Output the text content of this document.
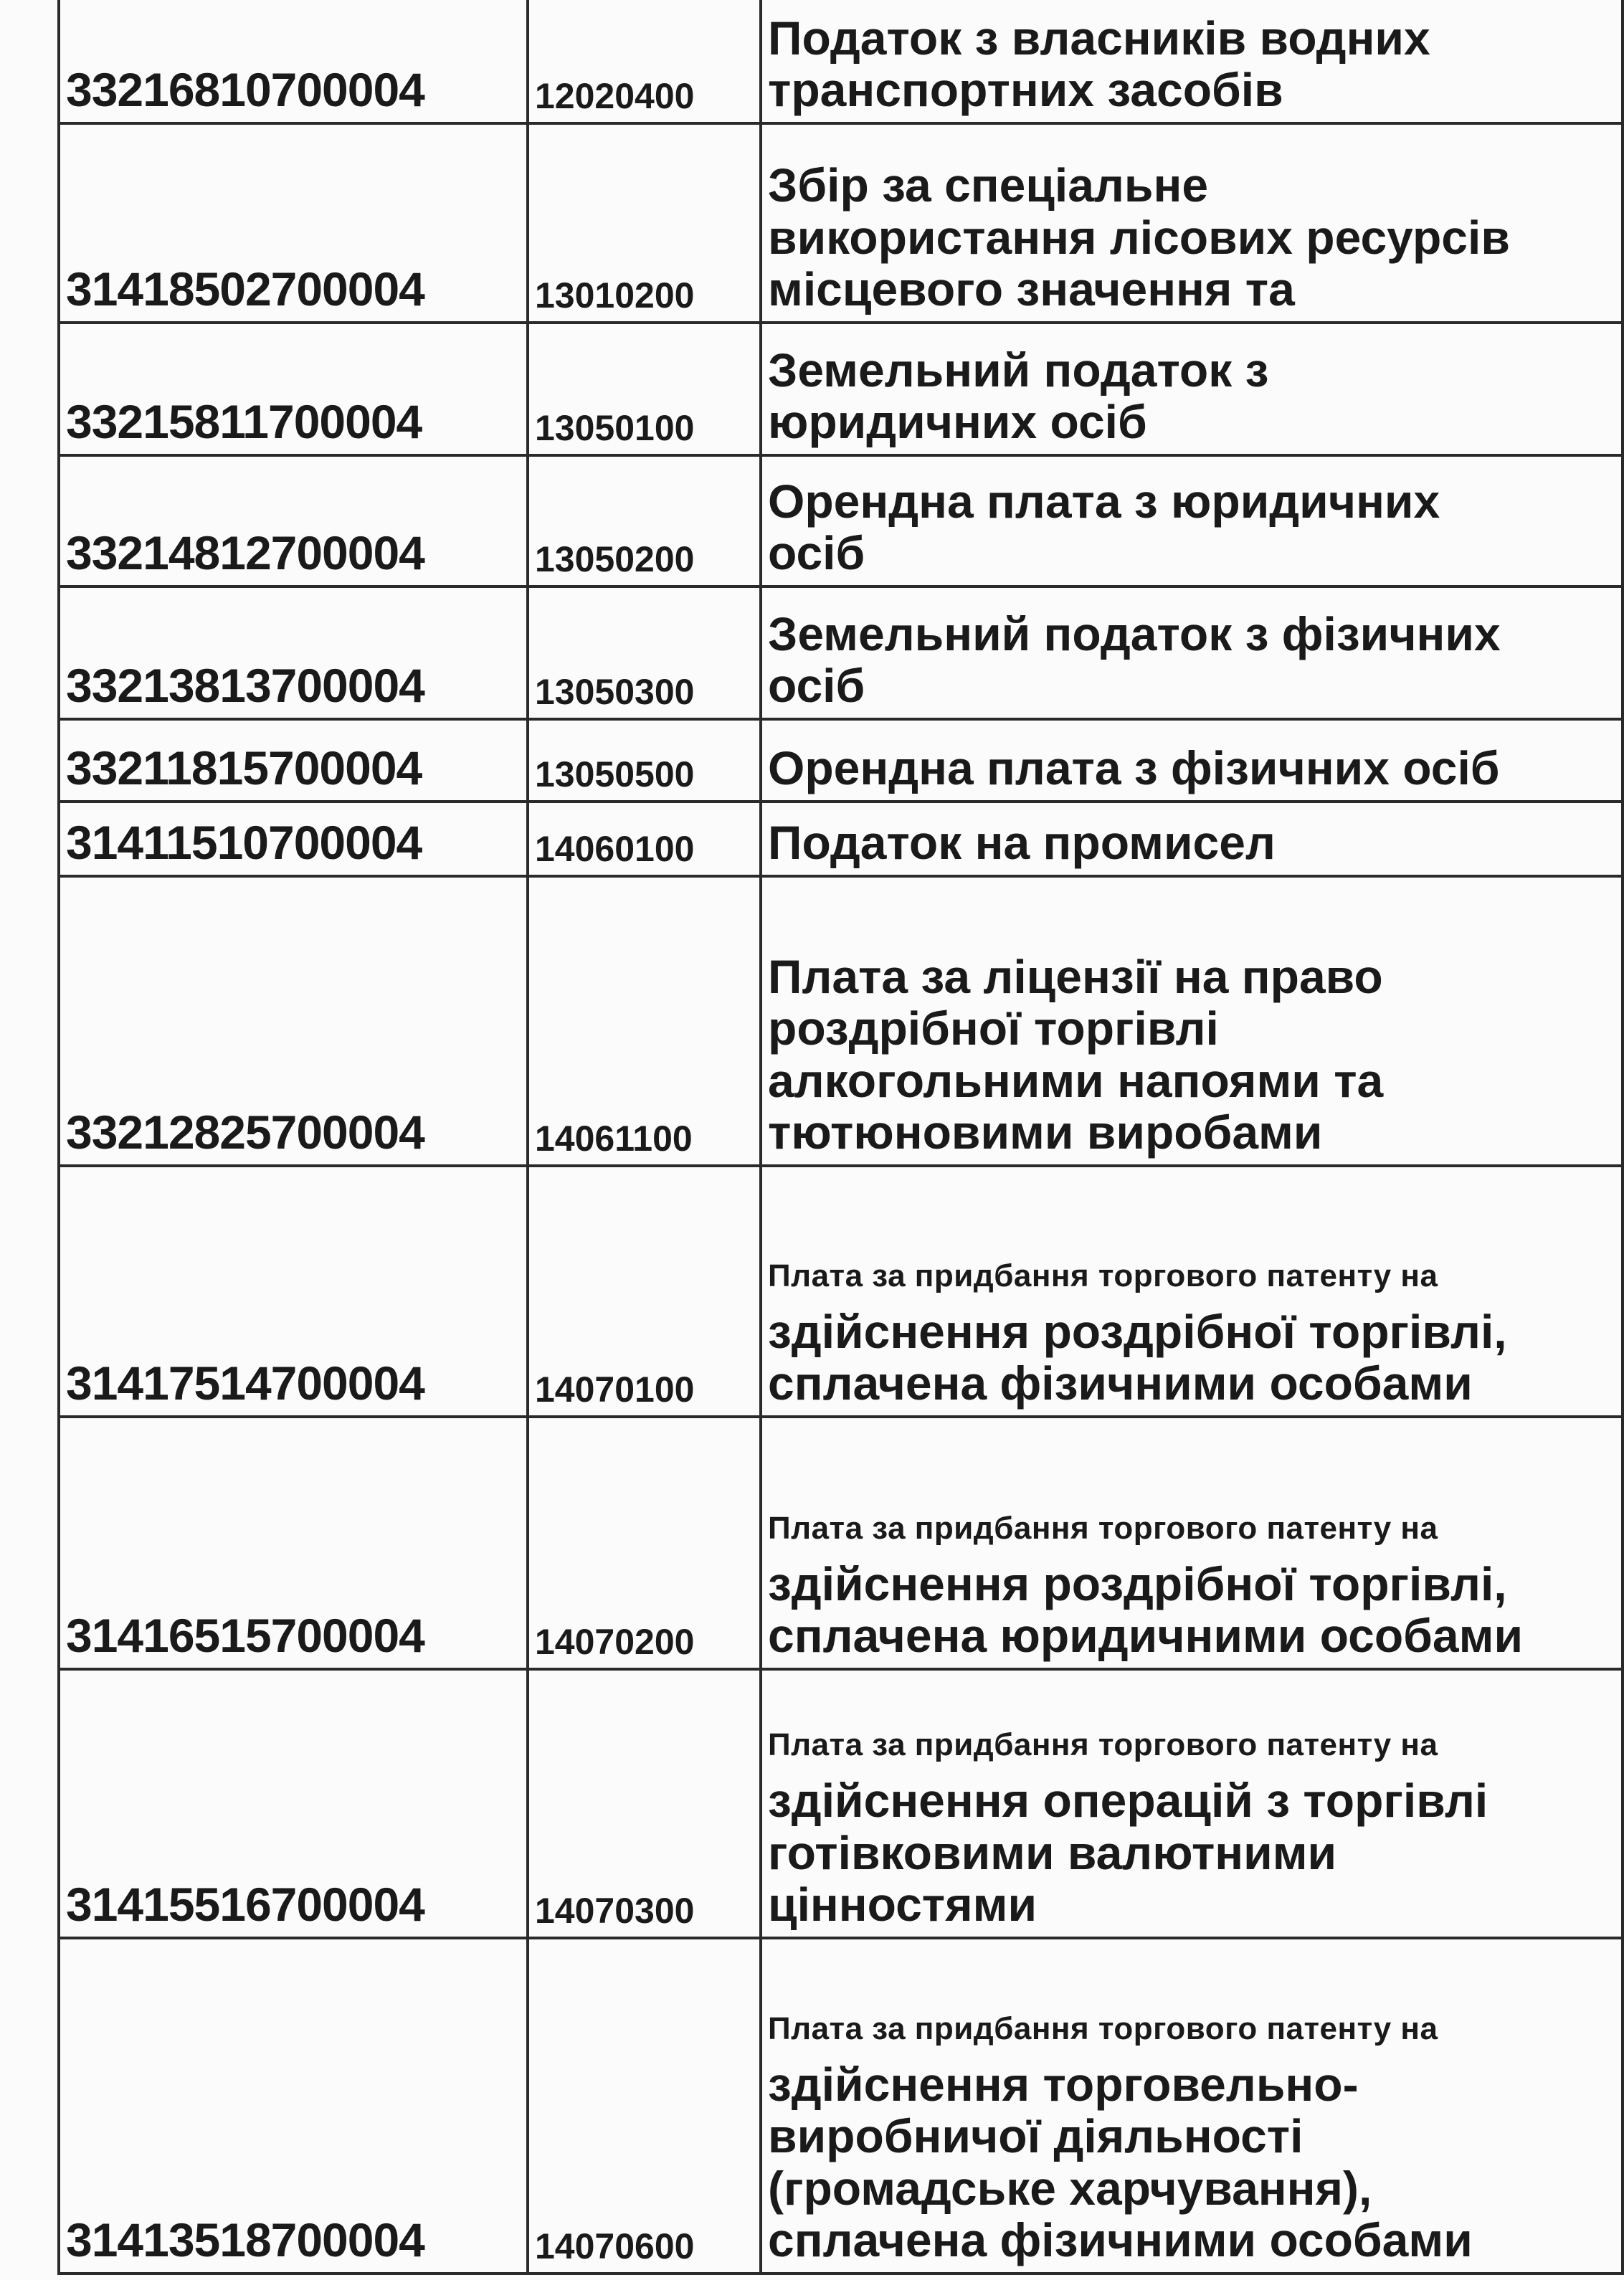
33216810700004	12020400	Податок з власників водних
транспортних засобів

31418502700004	13010200	Збір за спеціальне
використання лісових ресурсів
місцевого значення та

33215811700004	13050100	Земельний податок з
юридичних осіб

33214812700004	13050200	Орендна плата з юридичних
осіб

33213813700004	13050300	Земельний податок з фізичних
осіб

33211815700004	13050500	Орендна плата з фізичних осіб

31411510700004	14060100	Податок на промисел

33212825700004	14061100	Плата за ліцензії на право
роздрібної торгівлі
алкогольними напоями та
тютюновими виробами

31417514700004	14070100	Плата за придбання торгового патенту на
здійснення роздрібної торгівлі,
сплачена фізичними особами

31416515700004	14070200	Плата за придбання торгового патенту на
здійснення роздрібної торгівлі,
сплачена юридичними особами

31415516700004	14070300	Плата за придбання торгового патенту на
здійснення операцій з торгівлі
готівковими валютними
цінностями

31413518700004	14070600	Плата за придбання торгового патенту на
здійснення торговельно-
виробничої діяльності
(громадське харчування),
сплачена фізичними особами
